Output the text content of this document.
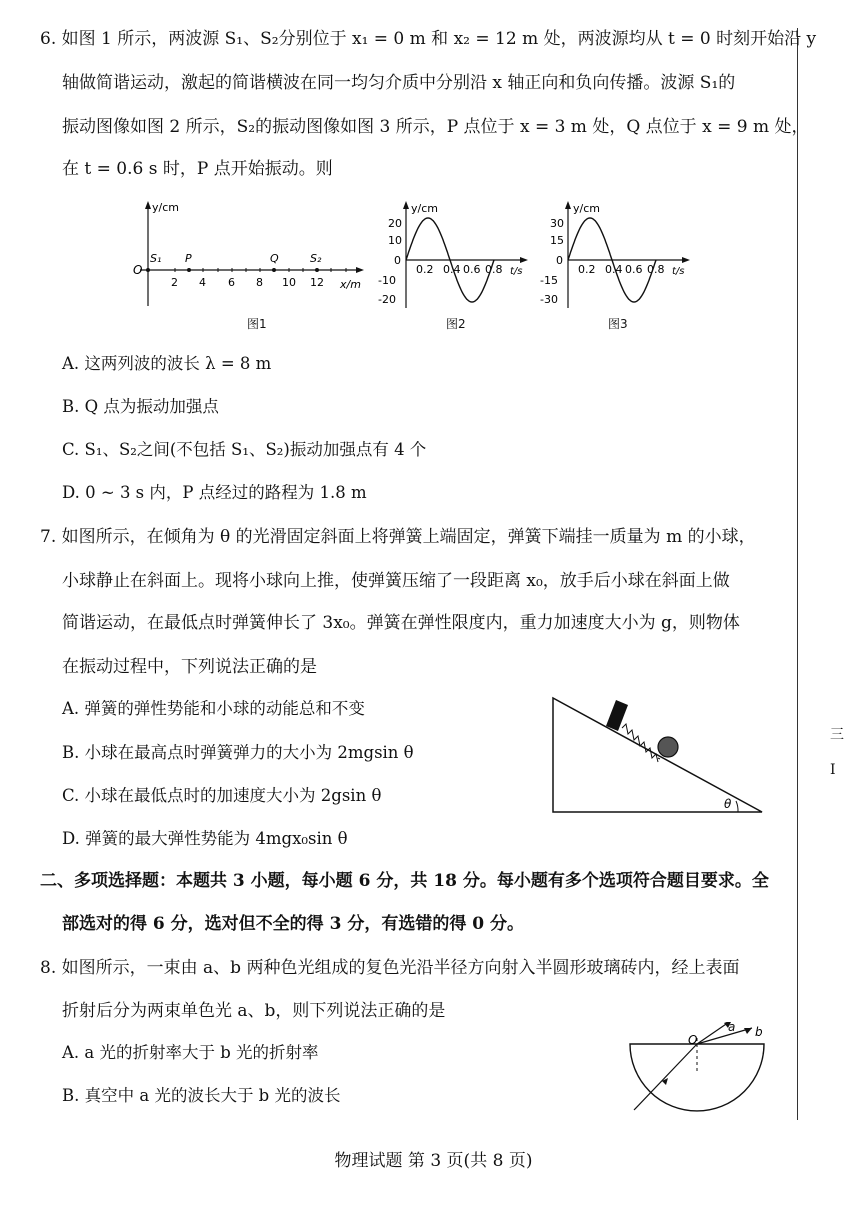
6. 如图 1 所示，两波源 S₁、S₂分别位于 x₁ = 0 m 和 x₂ = 12 m 处，两波源均从 t = 0 时刻开始沿 y
轴做简谐运动，激起的简谐横波在同一均匀介质中分别沿 x 轴正向和负向传播。波源 S₁的
振动图像如图 2 所示，S₂的振动图像如图 3 所示，P 点位于 x = 3 m 处，Q 点位于 x = 9 m 处，
在 t = 0.6 s 时，P 点开始振动。则
y/cm
x/m
O
2 4 6 8 10 12
S₁ P	Q	S₂
图1
y/cm
t/s
20
10
0
-10
-20
0.2 0.4 0.6 0.8
图2
y/cm
t/s
30
15
0
-15
-30
0.2 0.4 0.6 0.8
图3
A. 这两列波的波长 λ = 8 m
B. Q 点为振动加强点
C. S₁、S₂之间(不包括 S₁、S₂)振动加强点有 4 个
D. 0 ~ 3 s 内，P 点经过的路程为 1.8 m
7. 如图所示，在倾角为 θ 的光滑固定斜面上将弹簧上端固定，弹簧下端挂一质量为 m 的小球，
小球静止在斜面上。现将小球向上推，使弹簧压缩了一段距离 x₀，放手后小球在斜面上做
简谐运动，在最低点时弹簧伸长了 3x₀。弹簧在弹性限度内，重力加速度大小为 g，则物体
在振动过程中，下列说法正确的是
A. 弹簧的弹性势能和小球的动能总和不变
B. 小球在最高点时弹簧弹力的大小为 2mgsin θ
C. 小球在最低点时的加速度大小为 2gsin θ
D. 弹簧的最大弹性势能为 4mgx₀sin θ
θ
二、多项选择题：本题共 3 小题，每小题 6 分，共 18 分。每小题有多个选项符合题目要求。全
部选对的得 6 分，选对但不全的得 3 分，有选错的得 0 分。
8. 如图所示，一束由 a、b 两种色光组成的复色光沿半径方向射入半圆形玻璃砖内，经上表面
折射后分为两束单色光 a、b，则下列说法正确的是
A. a 光的折射率大于 b 光的折射率
B. 真空中 a 光的波长大于 b 光的波长
O
b
a
三
I
物理试题 第 3 页(共 8 页)
